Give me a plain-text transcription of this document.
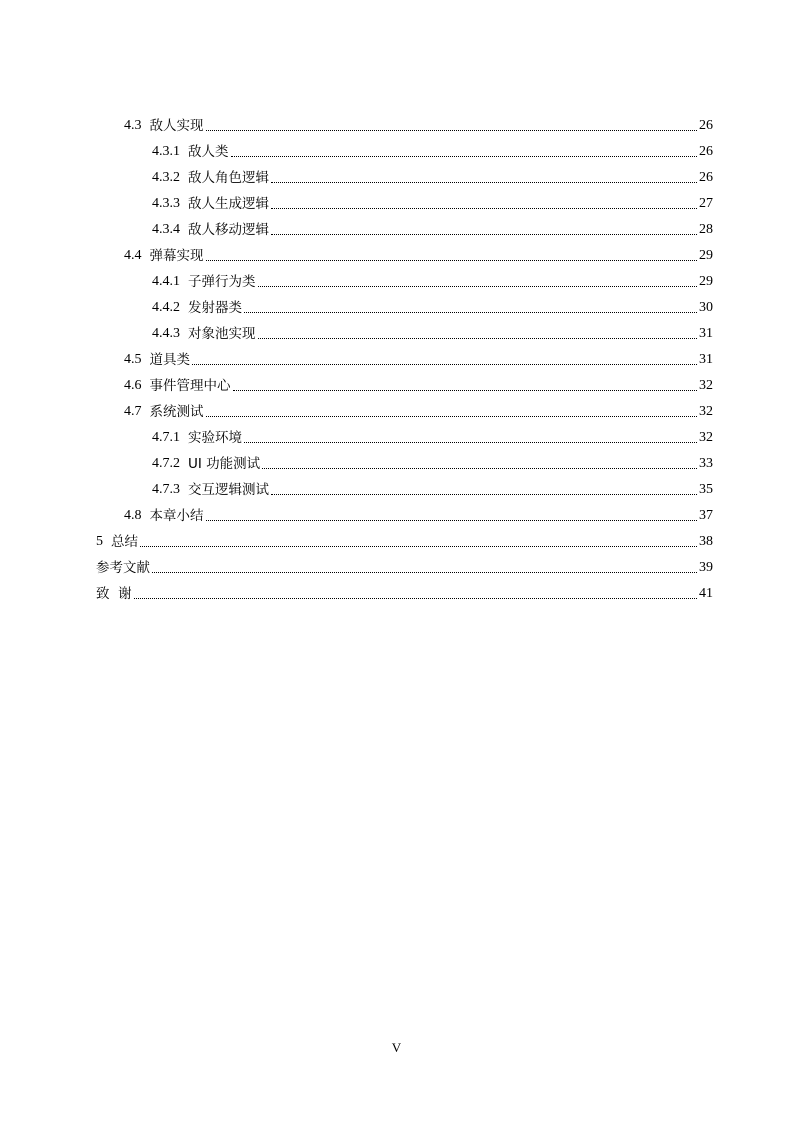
4.3 敌人实现	26
4.3.1 敌人类	26
4.3.2 敌人角色逻辑	26
4.3.3 敌人生成逻辑	27
4.3.4 敌人移动逻辑	28
4.4 弹幕实现	29
4.4.1 子弹行为类	29
4.4.2 发射器类	30
4.4.3 对象池实现	31
4.5 道具类	31
4.6 事件管理中心	32
4.7 系统测试	32
4.7.1 实验环境	32
4.7.2 UI 功能测试	33
4.7.3 交互逻辑测试	35
4.8 本章小结	37
5 总结	38
参考文献	39
致  谢	41
V
